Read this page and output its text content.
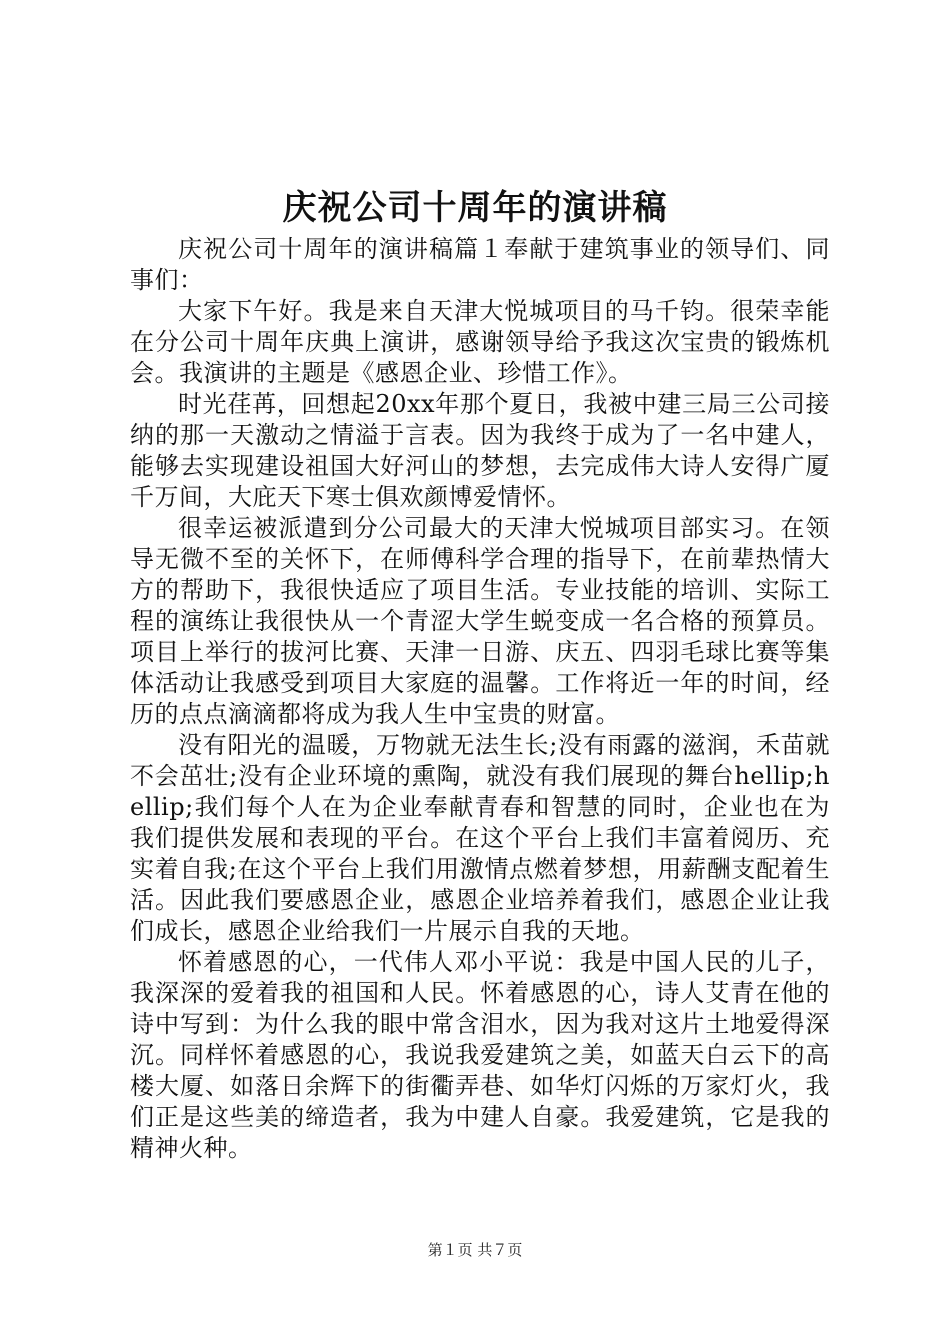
庆祝公司十周年的演讲稿

庆祝公司十周年的演讲稿篇１奉献于建筑事业的领导们、同事们：

大家下午好。我是来自天津大悦城项目的马千钧。很荣幸能在分公司十周年庆典上演讲，感谢领导给予我这次宝贵的锻炼机会。我演讲的主题是《感恩企业、珍惜工作》。

时光荏苒，回想起20xx年那个夏日，我被中建三局三公司接纳的那一天激动之情溢于言表。因为我终于成为了一名中建人，能够去实现建设祖国大好河山的梦想，去完成伟大诗人安得广厦千万间，大庇天下寒士俱欢颜博爱情怀。

很幸运被派遣到分公司最大的天津大悦城项目部实习。在领导无微不至的关怀下，在师傅科学合理的指导下，在前辈热情大方的帮助下，我很快适应了项目生活。专业技能的培训、实际工程的演练让我很快从一个青涩大学生蜕变成一名合格的预算员。项目上举行的拔河比赛、天津一日游、庆五、四羽毛球比赛等集体活动让我感受到项目大家庭的温馨。工作将近一年的时间，经历的点点滴滴都将成为我人生中宝贵的财富。

没有阳光的温暖，万物就无法生长;没有雨露的滋润，禾苗就不会茁壮;没有企业环境的熏陶，就没有我们展现的舞台hellip;hellip;我们每个人在为企业奉献青春和智慧的同时，企业也在为我们提供发展和表现的平台。在这个平台上我们丰富着阅历、充实着自我;在这个平台上我们用激情点燃着梦想，用薪酬支配着生活。因此我们要感恩企业，感恩企业培养着我们，感恩企业让我们成长，感恩企业给我们一片展示自我的天地。

怀着感恩的心，一代伟人邓小平说：我是中国人民的儿子，我深深的爱着我的祖国和人民。怀着感恩的心，诗人艾青在他的诗中写到：为什么我的眼中常含泪水，因为我对这片土地爱得深沉。同样怀着感恩的心，我说我爱建筑之美，如蓝天白云下的高楼大厦、如落日余辉下的街衢弄巷、如华灯闪烁的万家灯火，我们正是这些美的缔造者，我为中建人自豪。我爱建筑，它是我的精神火种。

第１页 共７页
